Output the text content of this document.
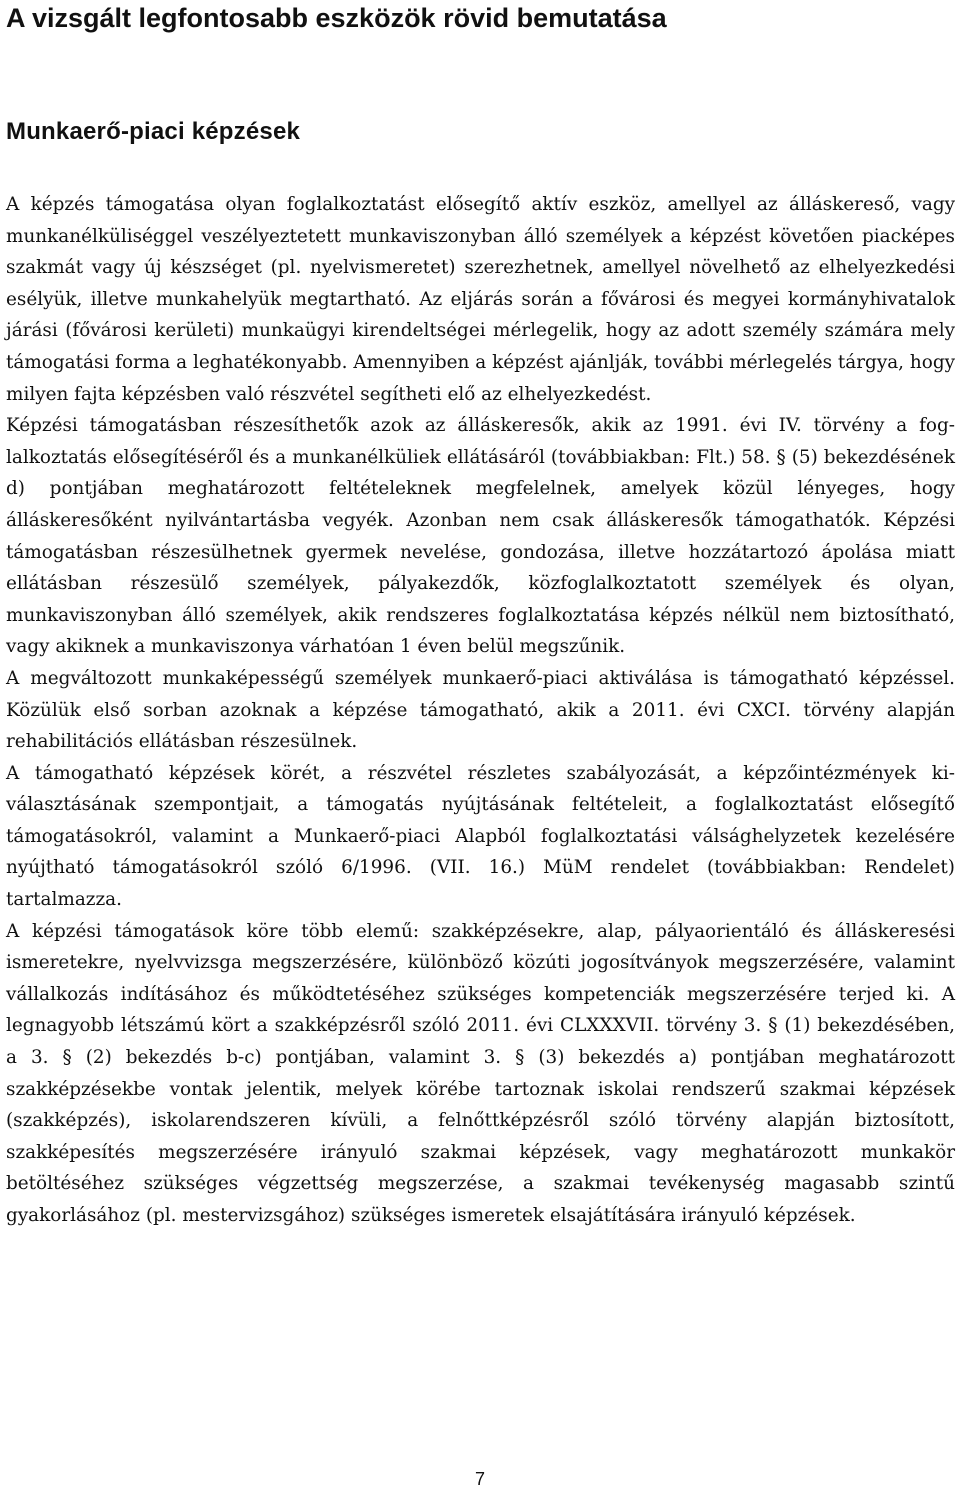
A vizsgált legfontosabb eszközök rövid bemutatása
Munkaerő-piaci képzések

A képzés támogatása olyan foglalkoztatást elősegítő aktív eszköz, amellyel az álláskereső, vagy munkanélküliséggel veszélyeztetett munkaviszonyban álló személyek a képzést követően piacképes szakmát vagy új készséget (pl. nyelvismeretet) szerezhetnek, amellyel növelhető az elhelyezkedési esélyük, illetve munkahelyük megtartható. Az eljárás során a fővárosi és megyei kormányhivatalok járási (fővárosi kerületi) munkaügyi kirendeltségei mérlegelik, hogy az adott személy számára mely támogatási forma a leghatékonyabb. Amennyiben a képzést ajánlják, további mérlegelés tárgya, hogy milyen fajta képzésben való részvétel segítheti elő az elhelyezkedést.

Képzési támogatásban részesíthetők azok az álláskeresők, akik az 1991. évi IV. törvény a foglalkoztatás elősegítéséről és a munkanélküliek ellátásáról (továbbiakban: Flt.) 58. § (5) bekezdésének d) pontjában meghatározott feltételeknek megfelelnek, amelyek közül lényeges, hogy álláskeresőként nyilvántartásba vegyék. Azonban nem csak álláskeresők támogathatók. Képzési támogatásban részesülhetnek gyermek nevelése, gondozása, illetve hozzátartozó ápolása miatt ellátásban részesülő személyek, pályakezdők, közfoglalkoztatott személyek és olyan, munkaviszonyban álló személyek, akik rendszeres foglalkoztatása képzés nélkül nem biztosítható, vagy akiknek a munkaviszonya várhatóan 1 éven belül megszűnik.

A megváltozott munkaképességű személyek munkaerő-piaci aktiválása is támogatható képzéssel. Közülük első sorban azoknak a képzése támogatható, akik a 2011. évi CXCI. törvény alapján rehabilitációs ellátásban részesülnek.

A támogatható képzések körét, a részvétel részletes szabályozását, a képzőintézmények kiválasztásának szempontjait, a támogatás nyújtásának feltételeit, a foglalkoztatást elősegítő támogatásokról, valamint a Munkaerő-piaci Alapból foglalkoztatási válsághelyzetek kezelésére nyújtható támogatásokról szóló 6/1996. (VII. 16.) MüM rendelet (továbbiakban: Rendelet) tartalmazza.

A képzési támogatások köre több elemű: szakképzésekre, alap, pályaorientáló és álláskeresési ismeretekre, nyelvvizsga megszerzésére, különböző közúti jogosítványok megszerzésére, valamint vállalkozás indításához és működtetéséhez szükséges kompetenciák megszerzésére terjed ki. A legnagyobb létszámú kört a szakképzésről szóló 2011. évi CLXXXVII. törvény 3. § (1) bekezdésében, a 3. § (2) bekezdés b-c) pontjában, valamint 3. § (3) bekezdés a) pontjában meghatározott szakképzésekbe vontak jelentik, melyek körébe tartoznak iskolai rendszerű szakmai képzések (szakképzés), iskolarendszeren kívüli, a felnőttképzésről szóló törvény alapján biztosított, szakképesítés megszerzésére irányuló szakmai képzések, vagy meghatározott munkakör betöltéséhez szükséges végzettség megszerzése, a szakmai tevékenység magasabb szintű gyakorlásához (pl. mestervizsgához) szükséges ismeretek elsajátítására irányuló képzések.

7
